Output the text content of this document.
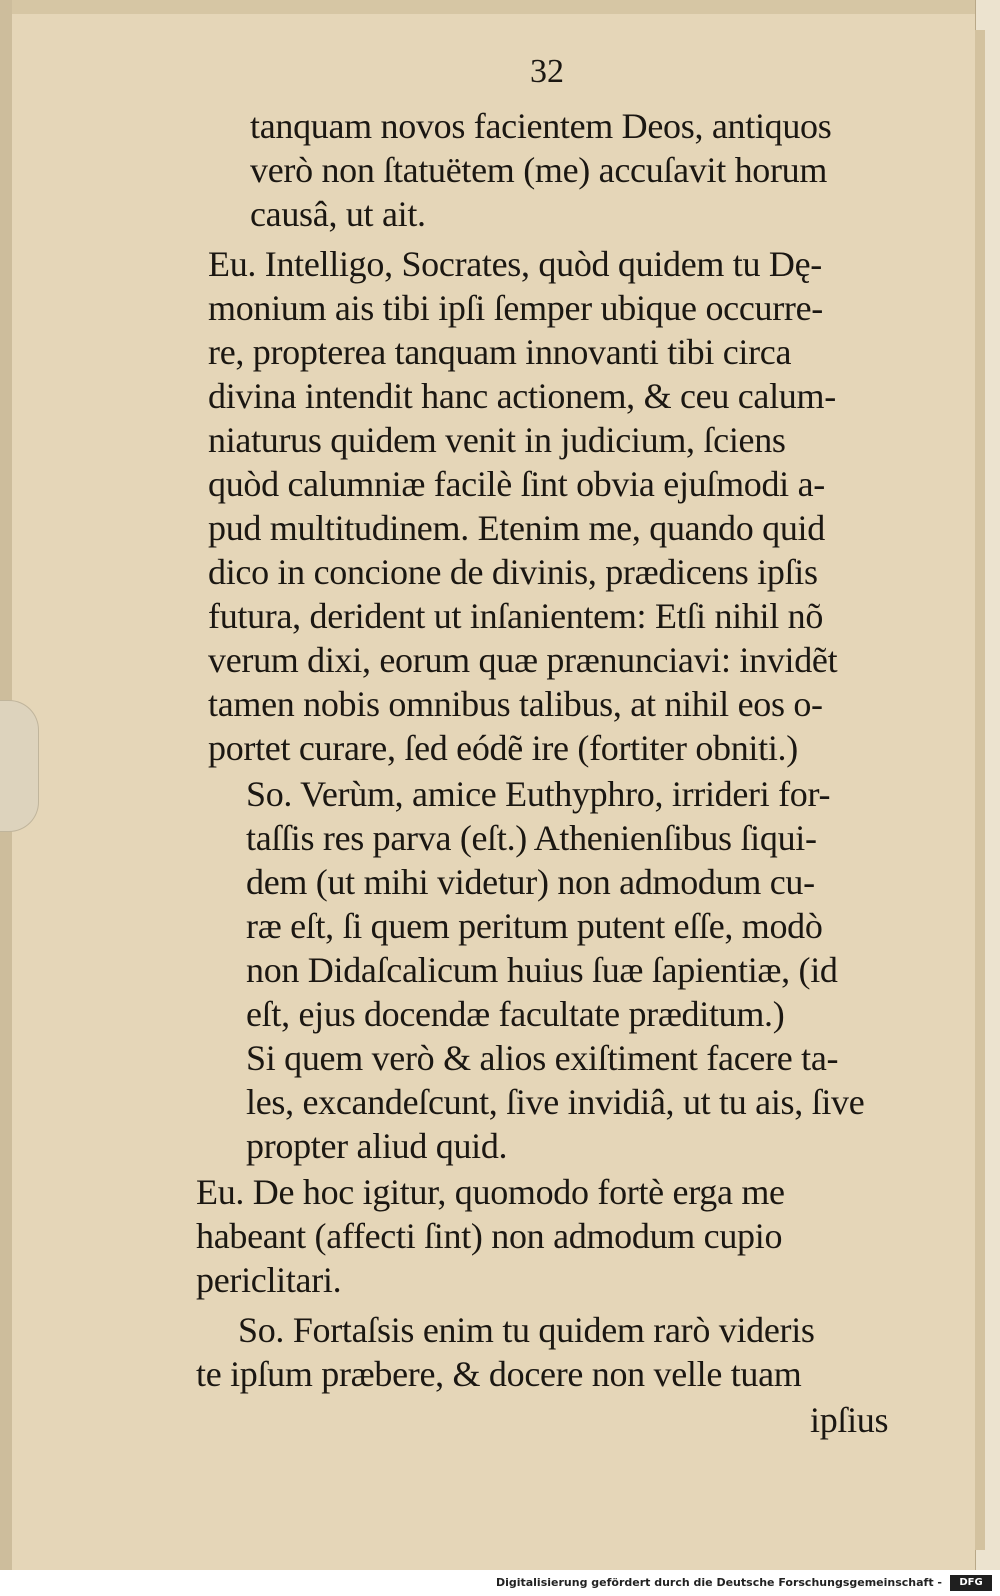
32
tanquam novos facientem Deos, antiquos
verò non ſtatuëtem (me) accuſavit horum
causâ, ut ait.
Eu. Intelligo, Socrates, quòd quidem tu Dę-
monium ais tibi ipſi ſemper ubique occurre-
re, propterea tanquam innovanti tibi circa
divina intendit hanc actionem, & ceu calum-
niaturus quidem venit in judicium, ſciens
quòd calumniæ facilè ſint obvia ejuſmodi a-
pud multitudinem. Etenim me, quando quid
dico in concione de divinis, prædicens ipſis
futura, derident ut inſanientem: Etſi nihil nõ
verum dixi, eorum quæ prænunciavi: invidẽt
tamen nobis omnibus talibus, at nihil eos o-
portet curare, ſed eódẽ ire (fortiter obniti.)
So. Verùm, amice Euthyphro, irrideri for-
taſſis res parva (eſt.) Athenienſibus ſiqui-
dem (ut mihi videtur) non admodum cu-
ræ eſt, ſi quem peritum putent eſſe, modò
non Didaſcalicum huius ſuæ ſapientiæ, (id
eſt, ejus docendæ facultate præditum.)
Si quem verò & alios exiſtiment facere ta-
les, excandeſcunt, ſive invidiâ, ut tu ais, ſive
propter aliud quid.
Eu. De hoc igitur, quomodo fortè erga me
habeant (affecti ſint) non admodum cupio
periclitari.
So. Fortaſsis enim tu quidem rarò videris
te ipſum præbere, & docere non velle tuam
ipſius
Digitalisierung gefördert durch die Deutsche Forschungsgemeinschaft -	DFG
